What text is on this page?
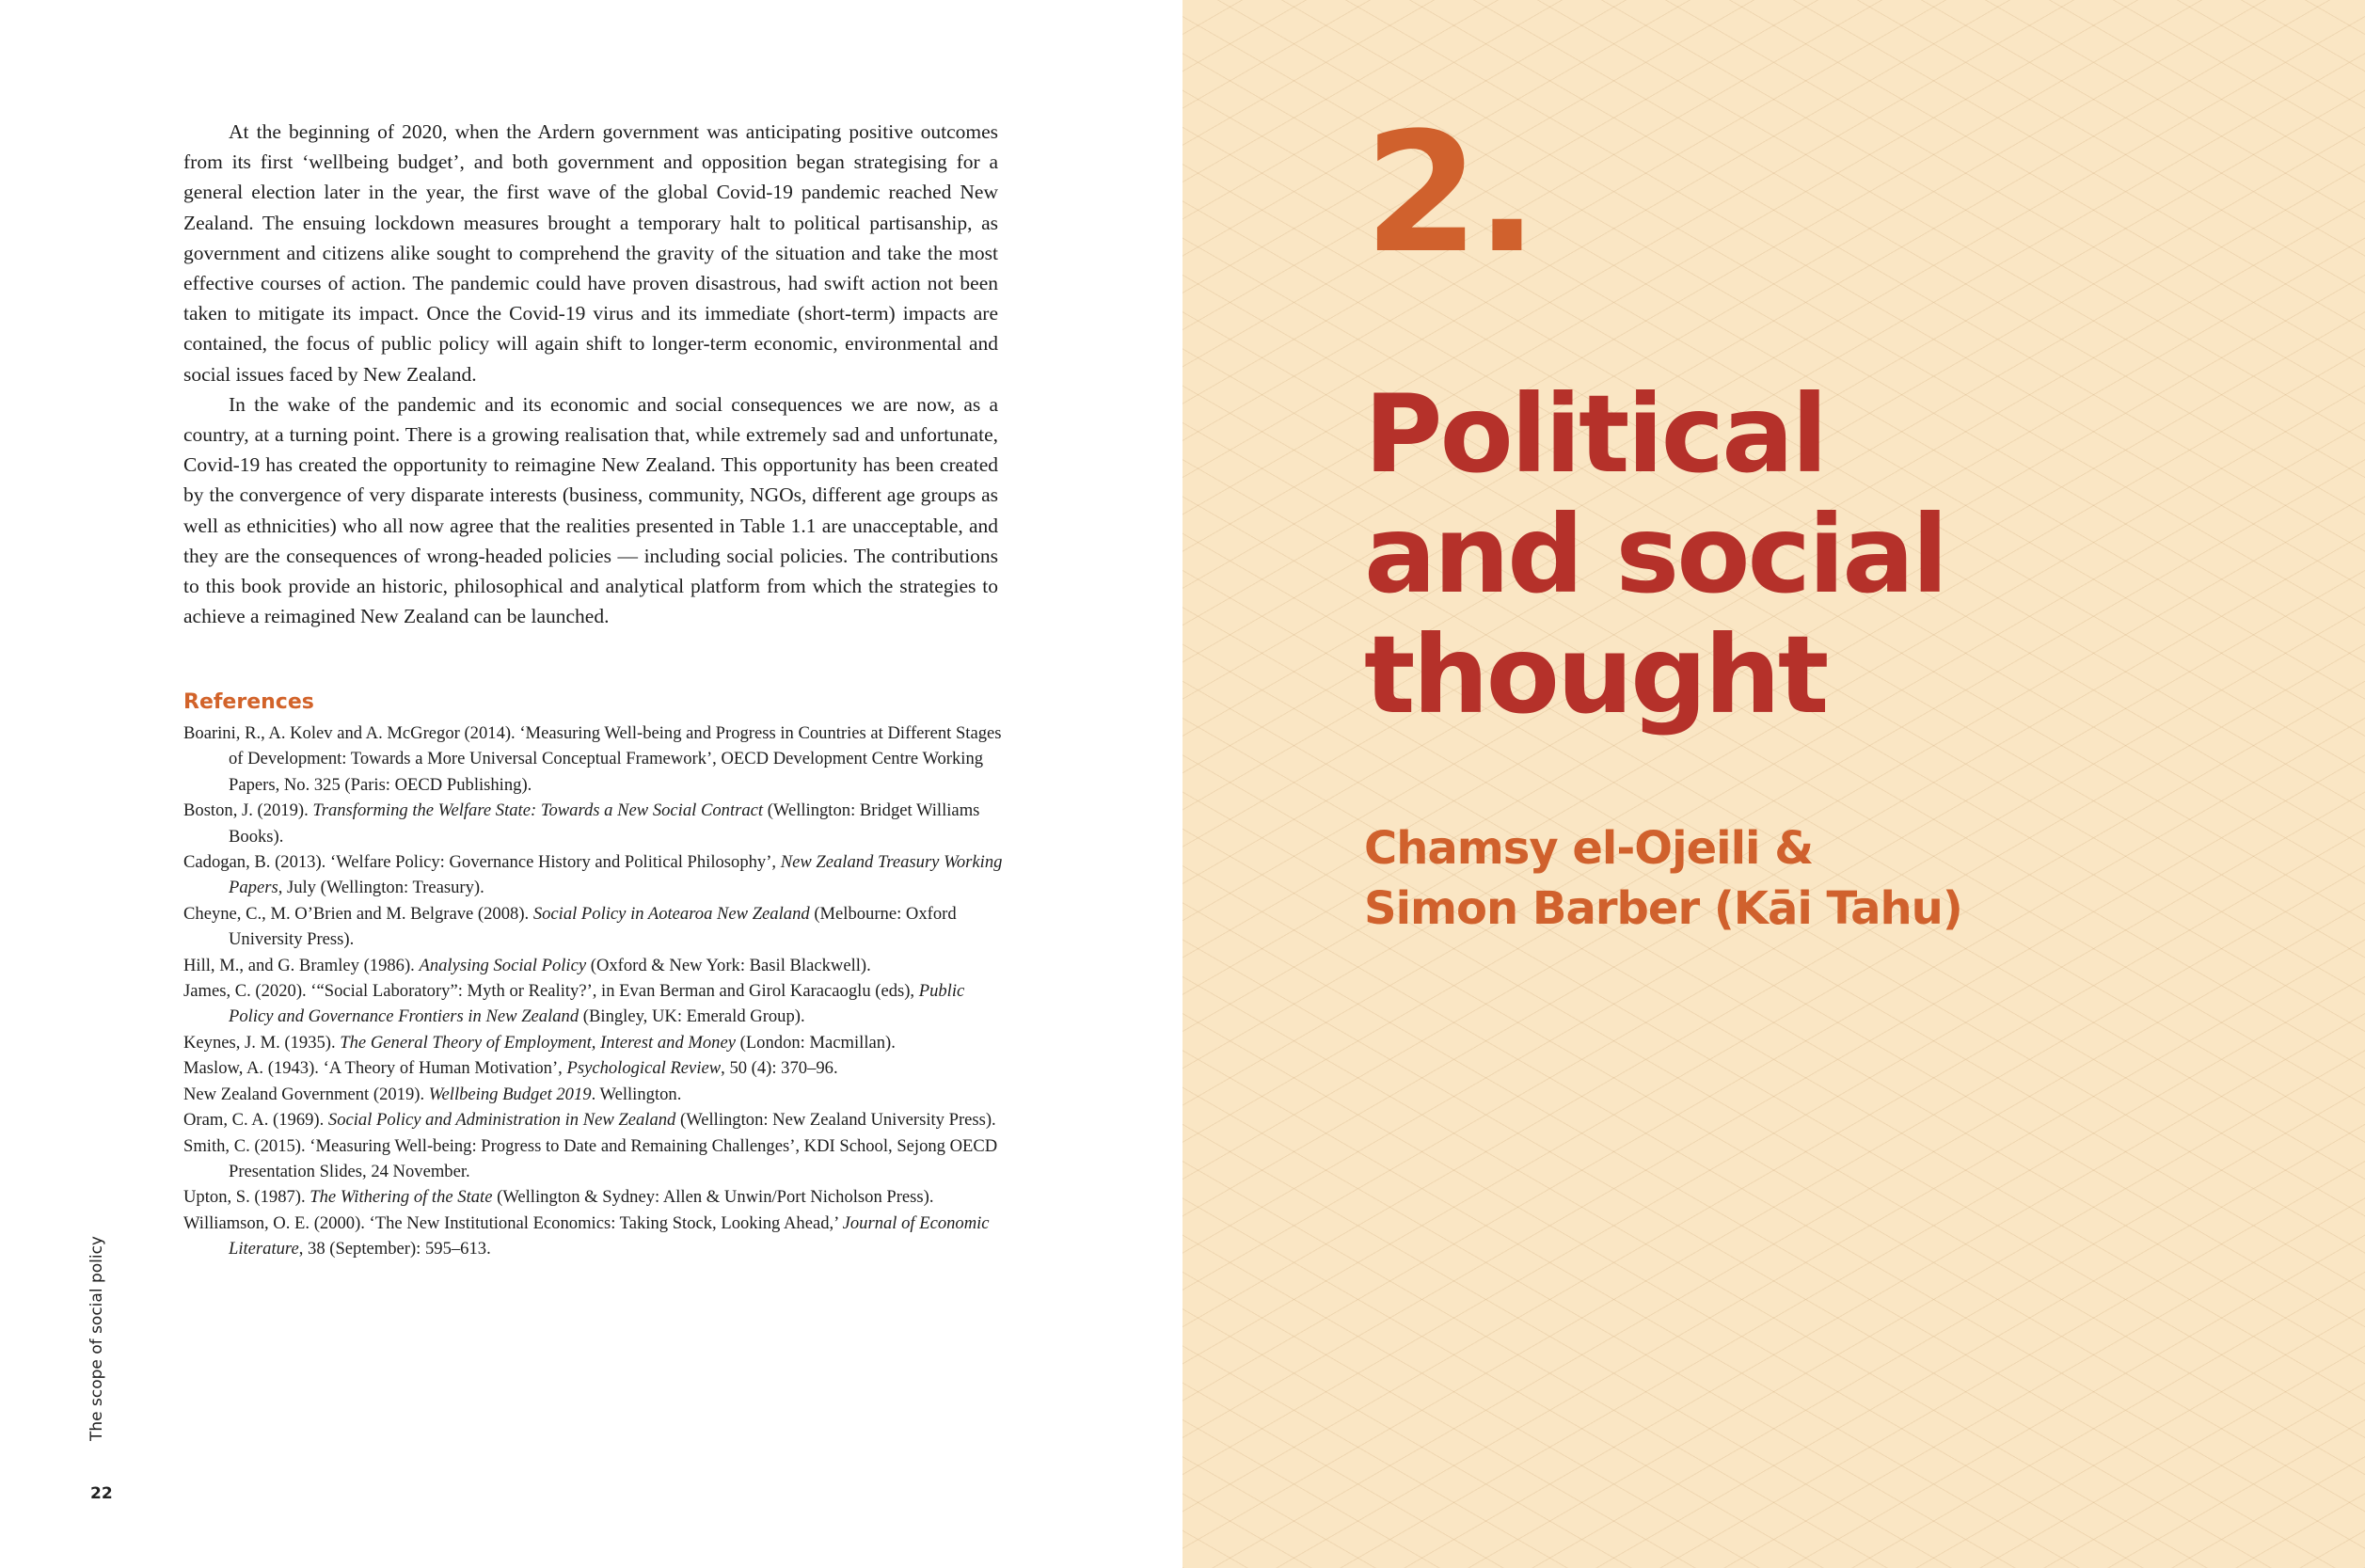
At the beginning of 2020, when the Ardern government was anticipating positive outcomes from its first ‘wellbeing budget’, and both government and opposition began strategising for a general election later in the year, the first wave of the global Covid-19 pandemic reached New Zealand. The ensuing lockdown measures brought a temporary halt to political partisanship, as government and citizens alike sought to comprehend the gravity of the situation and take the most effective courses of action. The pandemic could have proven disastrous, had swift action not been taken to mitigate its impact. Once the Covid-19 virus and its immediate (short-term) impacts are contained, the focus of public policy will again shift to longer-term economic, environmental and social issues faced by New Zealand.

In the wake of the pandemic and its economic and social consequences we are now, as a country, at a turning point. There is a growing realisation that, while extremely sad and unfortunate, Covid-19 has created the opportunity to reimagine New Zealand. This opportunity has been created by the convergence of very disparate interests (business, community, NGOs, different age groups as well as ethnicities) who all now agree that the realities presented in Table 1.1 are unacceptable, and they are the consequences of wrong-headed policies — including social policies. The contributions to this book provide an historic, philosophical and analytical platform from which the strategies to achieve a reimagined New Zealand can be launched.

References
Boarini, R., A. Kolev and A. McGregor (2014). ‘Measuring Well-being and Progress in Countries at Different Stages of Development: Towards a More Universal Conceptual Framework’, OECD Development Centre Working Papers, No. 325 (Paris: OECD Publishing).
Boston, J. (2019). Transforming the Welfare State: Towards a New Social Contract (Wellington: Bridget Williams Books).
Cadogan, B. (2013). ‘Welfare Policy: Governance History and Political Philosophy’, New Zealand Treasury Working Papers, July (Wellington: Treasury).
Cheyne, C., M. O’Brien and M. Belgrave (2008). Social Policy in Aotearoa New Zealand (Melbourne: Oxford University Press).
Hill, M., and G. Bramley (1986). Analysing Social Policy (Oxford & New York: Basil Blackwell).
James, C. (2020). ‘“Social Laboratory”: Myth or Reality?’, in Evan Berman and Girol Karacaoglu (eds), Public Policy and Governance Frontiers in New Zealand (Bingley, UK: Emerald Group).
Keynes, J. M. (1935). The General Theory of Employment, Interest and Money (London: Macmillan).
Maslow, A. (1943). ‘A Theory of Human Motivation’, Psychological Review, 50 (4): 370–96.
New Zealand Government (2019). Wellbeing Budget 2019. Wellington.
Oram, C. A. (1969). Social Policy and Administration in New Zealand (Wellington: New Zealand University Press).
Smith, C. (2015). ‘Measuring Well-being: Progress to Date and Remaining Challenges’, KDI School, Sejong OECD Presentation Slides, 24 November.
Upton, S. (1987). The Withering of the State (Wellington & Sydney: Allen & Unwin/Port Nicholson Press).
Williamson, O. E. (2000). ‘The New Institutional Economics: Taking Stock, Looking Ahead,’ Journal of Economic Literature, 38 (September): 595–613.
The scope of social policy
22
2.
Political
and social
thought
Chamsy el-Ojeili &
Simon Barber (Kāi Tahu)
